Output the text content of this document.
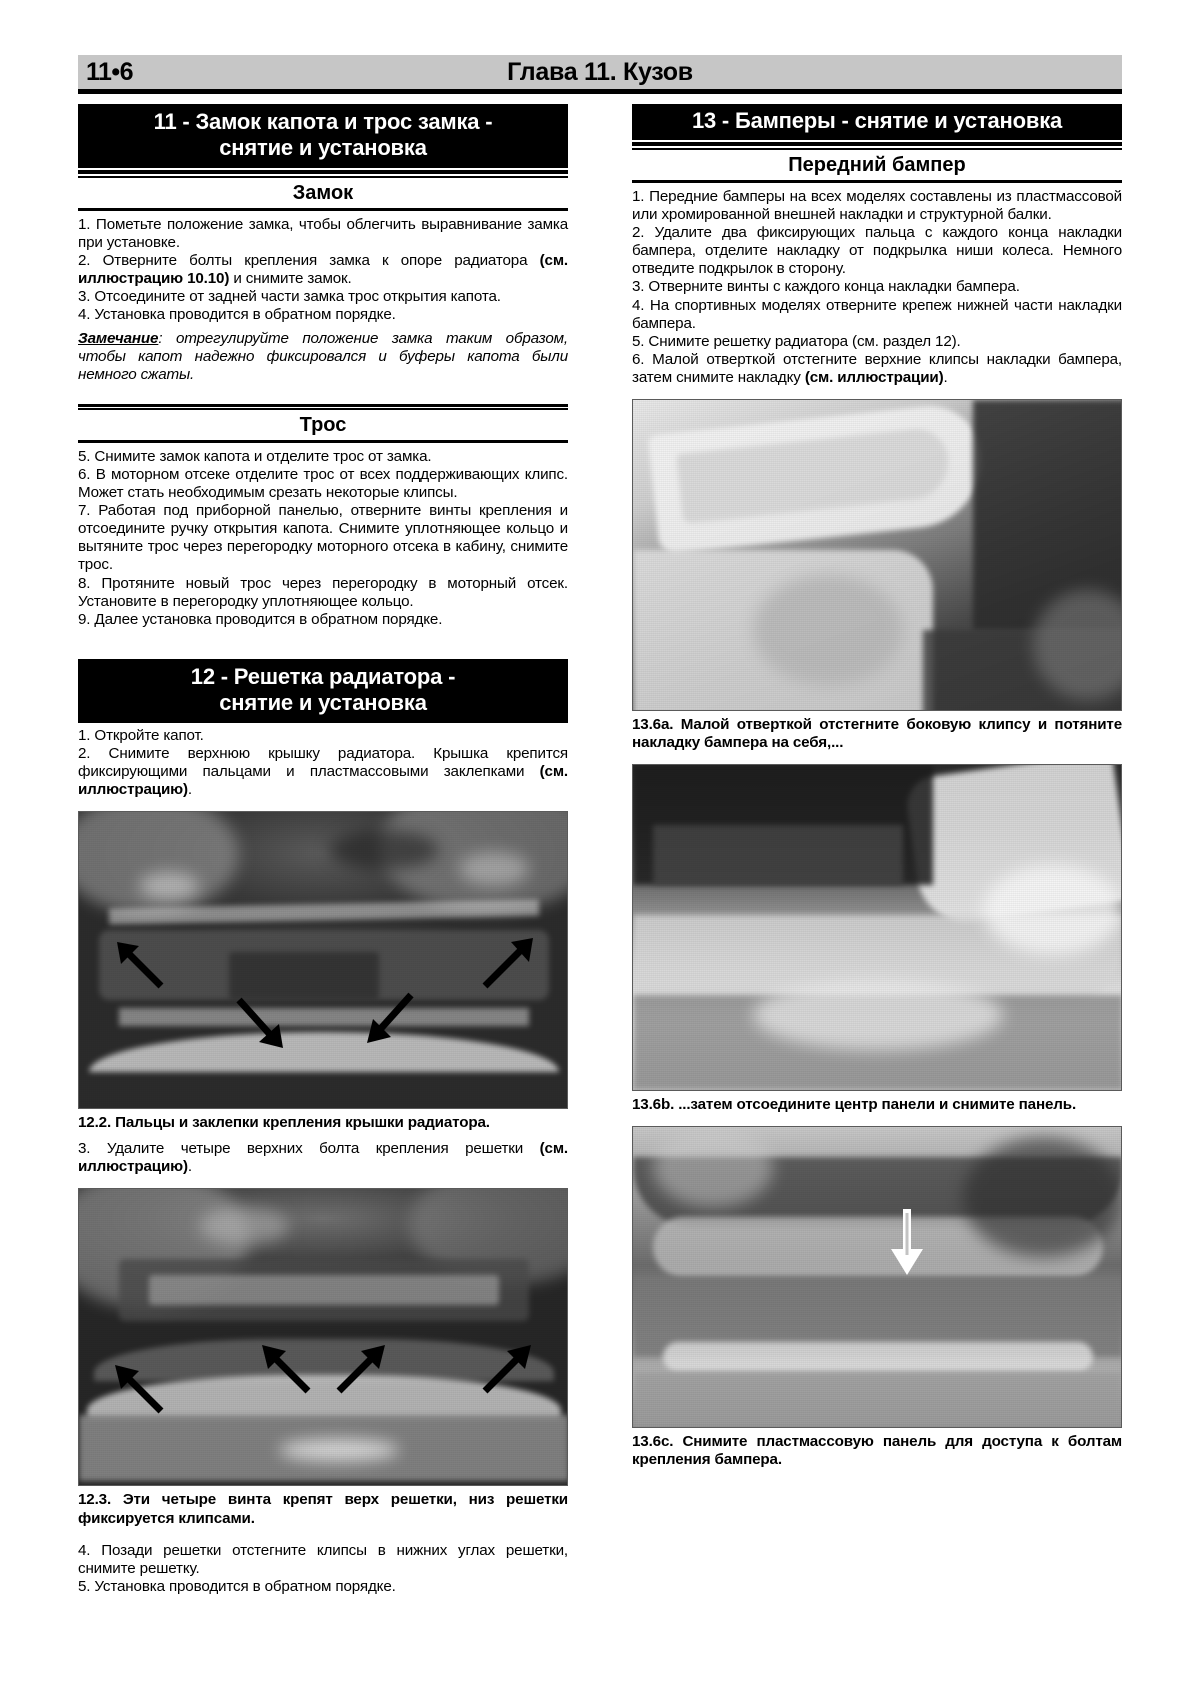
11•6	Глава 11. Кузов
11 - Замок капота и трос замка -
снятие и установка
Замок

1. Пометьте положение замка, чтобы облегчить выравнивание замка при установке.

2. Отверните болты крепления замка к опоре радиатора (см. иллюстрацию 10.10) и снимите замок.

3. Отсоедините от задней части замка трос открытия капота.

4. Установка проводится в обратном порядке.

Замечание: отрегулируйте положение замка таким образом, чтобы капот надежно фиксировался и буферы капота были немного сжаты.

Трос

5. Снимите замок капота и отделите трос от замка.

6. В моторном отсеке отделите трос от всех поддерживающих клипс. Может стать необходимым срезать некоторые клипсы.

7. Работая под приборной панелью, отверните винты крепления и отсоедините ручку открытия капота. Снимите уплотняющее кольцо и вытяните трос через перегородку моторного отсека в кабину, снимите трос.

8. Протяните новый трос через перегородку в моторный отсек. Установите в перегородку уплотняющее кольцо.

9. Далее установка проводится в обратном порядке.

12 - Решетка радиатора -
снятие и установка

1. Откройте капот.

2. Снимите верхнюю крышку радиатора. Крышка крепится фиксирующими пальцами и пластмассовыми заклепками (см. иллюстрацию).

12.2. Пальцы и заклепки крепления крышки радиатора.

3. Удалите четыре верхних болта крепления решетки (см. иллюстрацию).

12.3. Эти четыре винта крепят верх решетки, низ решетки фиксируется клипсами.

4. Позади решетки отстегните клипсы в нижних углах решетки, снимите решетку.

5. Установка проводится в обратном порядке.

13 - Бамперы - снятие и установка
Передний бампер

1. Передние бамперы на всех моделях составлены из пластмассовой или хромированной внешней накладки и структурной балки.

2. Удалите два фиксирующих пальца с каждого конца накладки бампера, отделите накладку от подкрылка ниши колеса. Немного отведите подкрылок в сторону.

3. Отверните винты с каждого конца накладки бампера.

4. На спортивных моделях отверните крепеж нижней части накладки бампера.

5. Снимите решетку радиатора (см. раздел 12).

6. Малой отверткой отстегните верхние клипсы накладки бампера, затем снимите накладку (см. иллюстрации).

13.6а. Малой отверткой отстегните боковую клипсу и потяните накладку бампера на себя,...
13.6b. ...затем отсоедините центр панели и снимите панель.
13.6с. Снимите пластмассовую панель для доступа к болтам крепления бампера.
